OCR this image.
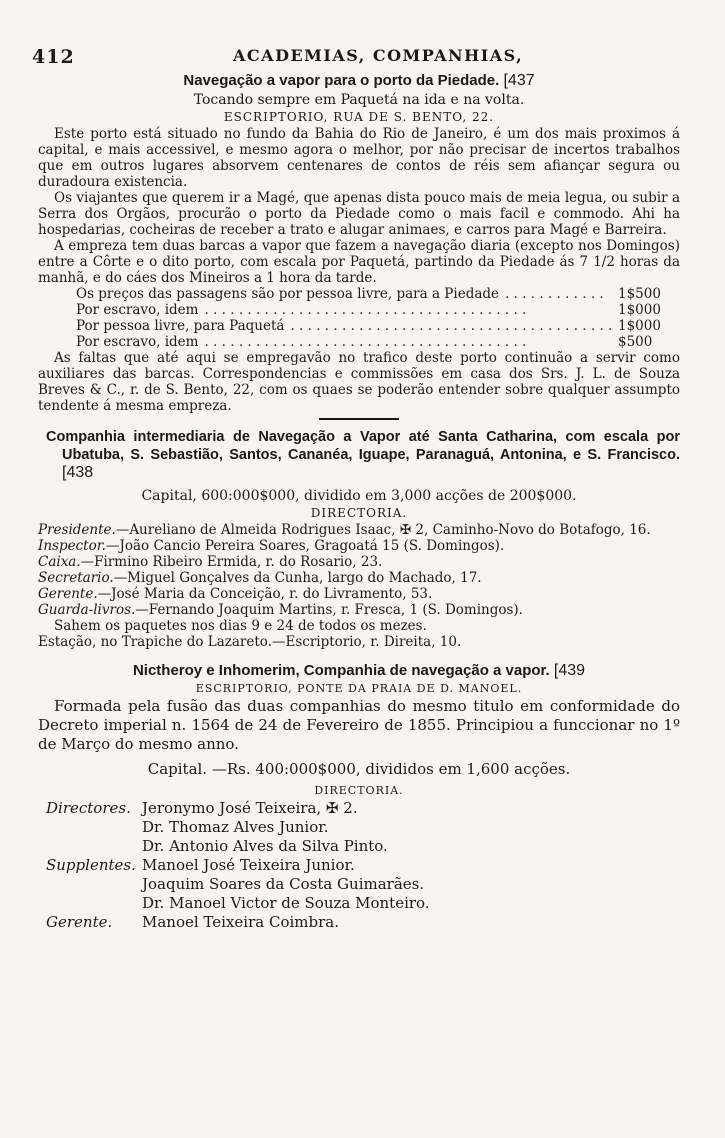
412	ACADEMIAS, COMPANHIAS,
Navegação a vapor para o porto da Piedade. [437
Tocando sempre em Paquetá na ida e na volta.
ESCRIPTORIO, RUA DE S. BENTO, 22.

Este porto está situado no fundo da Bahia do Rio de Janeiro, é um dos mais proximos á capital, e mais accessivel, e mesmo agora o melhor, por não precisar de incertos trabalhos que em outros lugares absorvem centenares de contos de réis sem afiançar segura ou duradoura existencia.

Os viajantes que querem ir a Magé, que apenas dista pouco mais de meia legua, ou subir a Serra dos Orgãos, procurão o porto da Piedade como o mais facil e commodo. Ahi ha hospedarias, cocheiras de receber a trato e alugar animaes, e carros para Magé e Barreira.

A empreza tem duas barcas a vapor que fazem a navegação diaria (excepto nos Domingos) entre a Côrte e o dito porto, com escala por Paquetá, partindo da Piedade ás 7 1/2 horas da manhã, e do cáes dos Mineiros a 1 hora da tarde.

Os preços das passagens são por pessoa livre, para a Piedade . . . . . . . . . . . .	1$500
Por escravo, idem . . . . . . . . . . . . . . . . . . . . . . . . . . . . . . . . . . . . . .	1$000
Por pessoa livre, para Paquetá . . . . . . . . . . . . . . . . . . . . . . . . . . . . . . . . . . . . . . 1$000
Por escravo, idem . . . . . . . . . . . . . . . . . . . . . . . . . . . . . . . . . . . . . .	$500

As faltas que até aqui se empregavão no trafico deste porto continuão a servir como auxiliares das barcas. Correspondencias e commissões em casa dos Srs. J. L. de Souza Breves & C., r. de S. Bento, 22, com os quaes se poderão entender sobre qualquer assumpto tendente á mesma empreza.

Companhia intermediaria de Navegação a Vapor até Santa Catharina, com escala por Ubatuba, S. Sebastião, Santos, Cananéa, Iguape, Paranaguá, Antonina, e S. Francisco. [438
Capital, 600:000$000, dividido em 3,000 acções de 200$000.
DIRECTORIA.

Presidente.—Aureliano de Almeida Rodrigues Isaac, ✠ 2, Caminho-Novo do Botafogo, 16.

Inspector.—João Cancio Pereira Soares, Gragoatá 15 (S. Domingos).

Caixa.—Firmino Ribeiro Ermida, r. do Rosario, 23.

Secretario.—Miguel Gonçalves da Cunha, largo do Machado, 17.

Gerente.—José Maria da Conceição, r. do Livramento, 53.

Guarda-livros.—Fernando Joaquim Martins, r. Fresca, 1 (S. Domingos).

Sahem os paquetes nos dias 9 e 24 de todos os mezes.

Estação, no Trapiche do Lazareto.—Escriptorio, r. Direita, 10.

Nictheroy e Inhomerim, Companhia de navegação a vapor. [439
ESCRIPTORIO, PONTE DA PRAIA DE D. MANOEL.

Formada pela fusão das duas companhias do mesmo titulo em conformidade do Decreto imperial n. 1564 de 24 de Fevereiro de 1855. Principiou a funccionar no 1º de Março do mesmo anno.

Capital. —Rs. 400:000$000, divididos em 1,600 acções.
DIRECTORIA.
Directores. Jeronymo José Teixeira, ✠ 2.
Dr. Thomaz Alves Junior.
Dr. Antonio Alves da Silva Pinto.
Supplentes. Manoel José Teixeira Junior.
Joaquim Soares da Costa Guimarães.
Dr. Manoel Victor de Souza Monteiro.
Gerente.	Manoel Teixeira Coimbra.
